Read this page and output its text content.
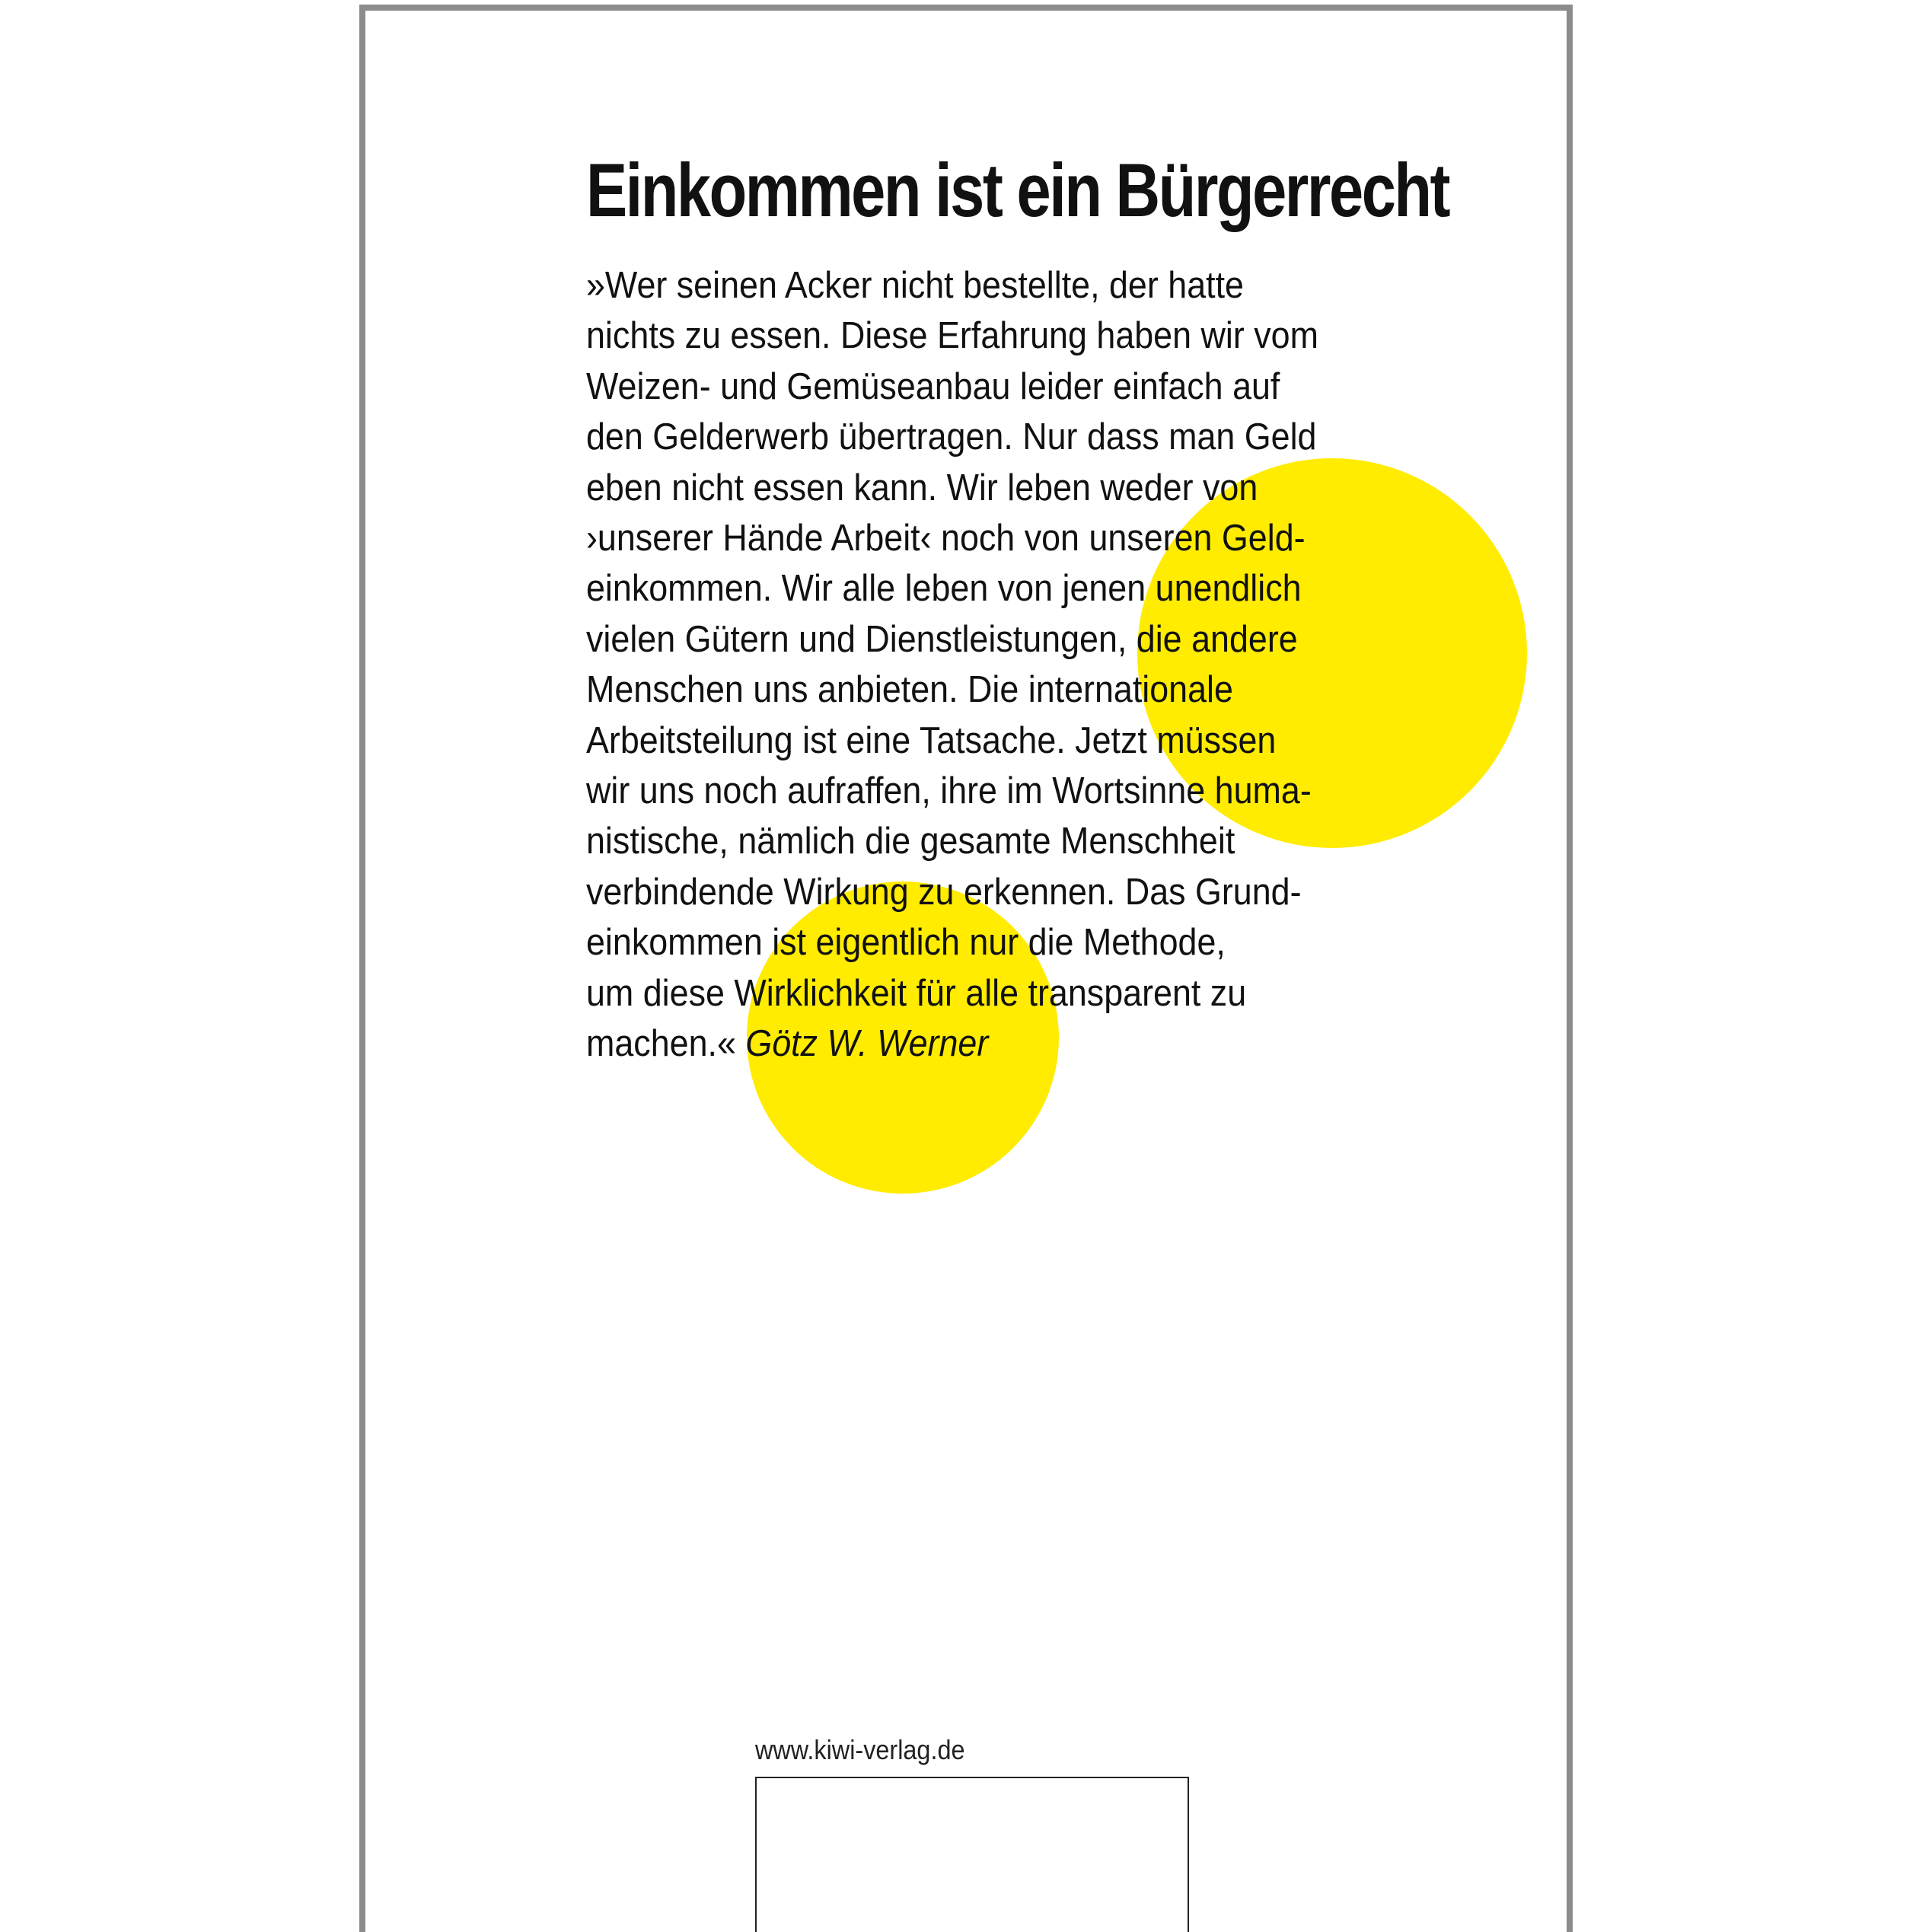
Einkommen ist ein Bürgerrecht
»Wer seinen Acker nicht bestellte, der hatte
nichts zu essen. Diese Erfahrung haben wir vom
Weizen- und Gemüseanbau leider einfach auf
den Gelderwerb übertragen. Nur dass man Geld
eben nicht essen kann. Wir leben weder von
›unserer Hände Arbeit‹ noch von unseren Geld-
einkommen. Wir alle leben von jenen unendlich
vielen Gütern und Dienstleistungen, die andere
Menschen uns anbieten. Die internationale
Arbeitsteilung ist eine Tatsache. Jetzt müssen
wir uns noch aufraffen, ihre im Wortsinne huma-
nistische, nämlich die gesamte Menschheit
verbindende Wirkung zu erkennen. Das Grund-
einkommen ist eigentlich nur die Methode,
um diese Wirklichkeit für alle transparent zu
machen.« Götz W. Werner
www.kiwi-verlag.de
